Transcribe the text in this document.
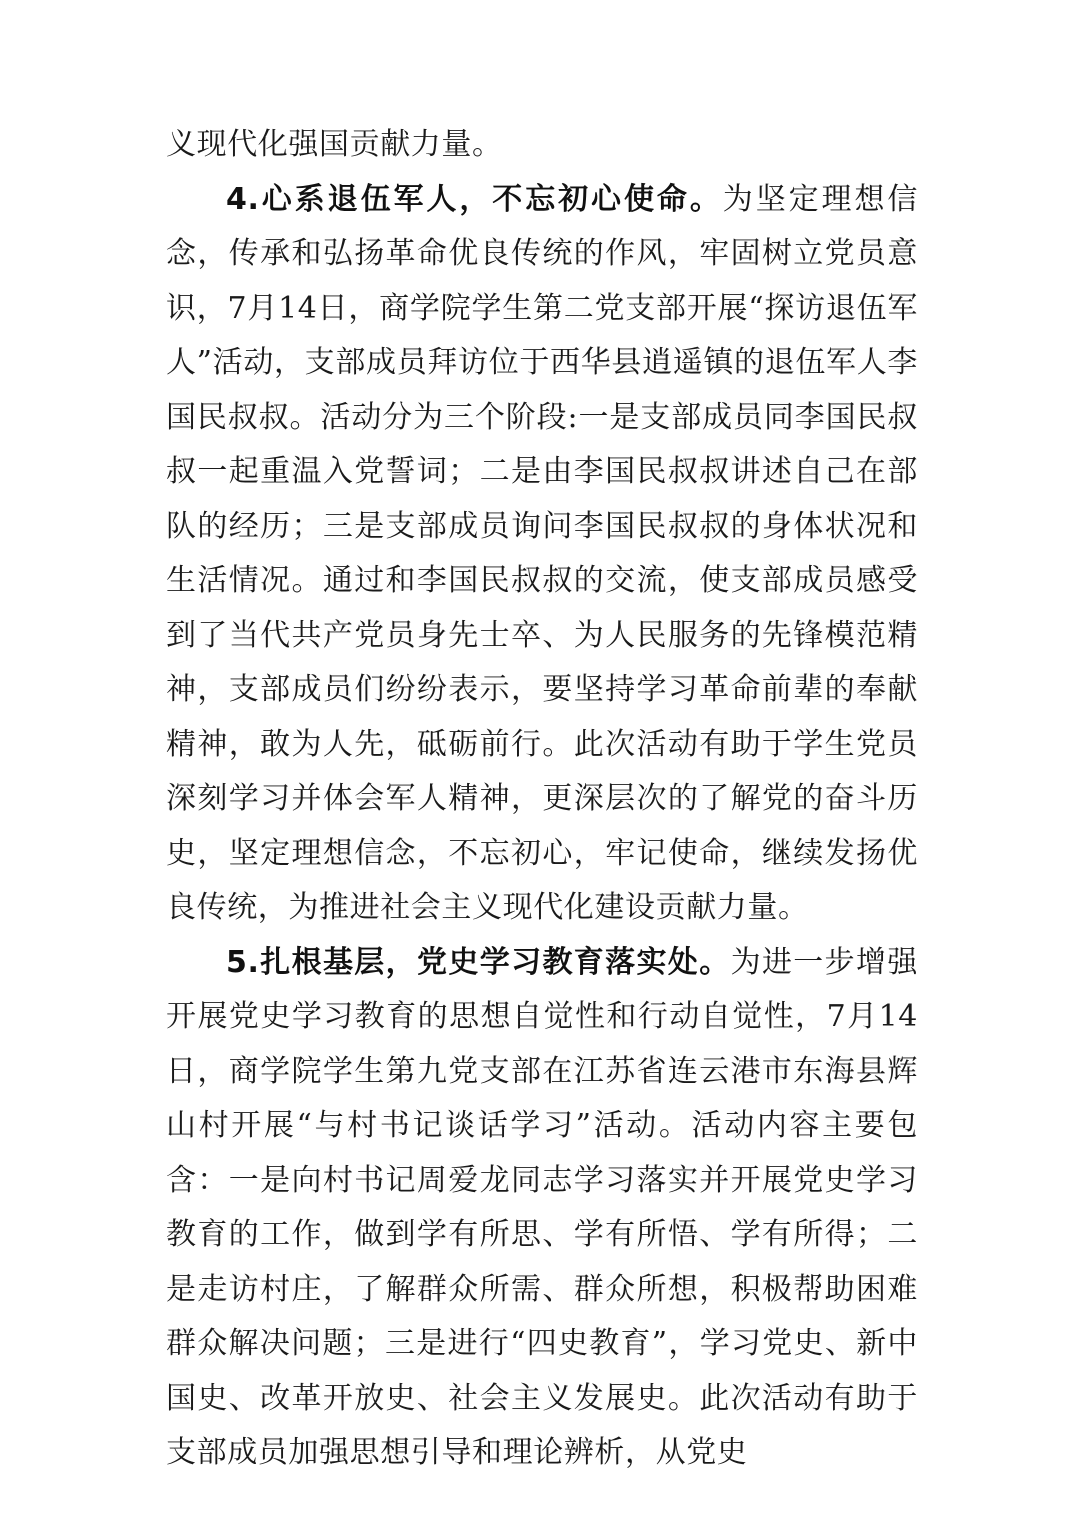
义现代化强国贡献力量。

4.心系退伍军人，不忘初心使命。为坚定理想信念，传承和弘扬革命优良传统的作风，牢固树立党员意识，7月14日，商学院学生第二党支部开展“探访退伍军人”活动，支部成员拜访位于西华县逍遥镇的退伍军人李国民叔叔。活动分为三个阶段:一是支部成员同李国民叔叔一起重温入党誓词；二是由李国民叔叔讲述自己在部队的经历；三是支部成员询问李国民叔叔的身体状况和生活情况。通过和李国民叔叔的交流，使支部成员感受到了当代共产党员身先士卒、为人民服务的先锋模范精神，支部成员们纷纷表示，要坚持学习革命前辈的奉献精神，敢为人先，砥砺前行。此次活动有助于学生党员深刻学习并体会军人精神，更深层次的了解党的奋斗历史，坚定理想信念，不忘初心，牢记使命，继续发扬优良传统，为推进社会主义现代化建设贡献力量。

5.扎根基层，党史学习教育落实处。为进一步增强开展党史学习教育的思想自觉性和行动自觉性，7月14日，商学院学生第九党支部在江苏省连云港市东海县辉山村开展“与村书记谈话学习”活动。活动内容主要包含：一是向村书记周爱龙同志学习落实并开展党史学习教育的工作，做到学有所思、学有所悟、学有所得；二是走访村庄，了解群众所需、群众所想，积极帮助困难群众解决问题；三是进行“四史教育”，学习党史、新中国史、改革开放史、社会主义发展史。此次活动有助于支部成员加强思想引导和理论辨析，从党史
